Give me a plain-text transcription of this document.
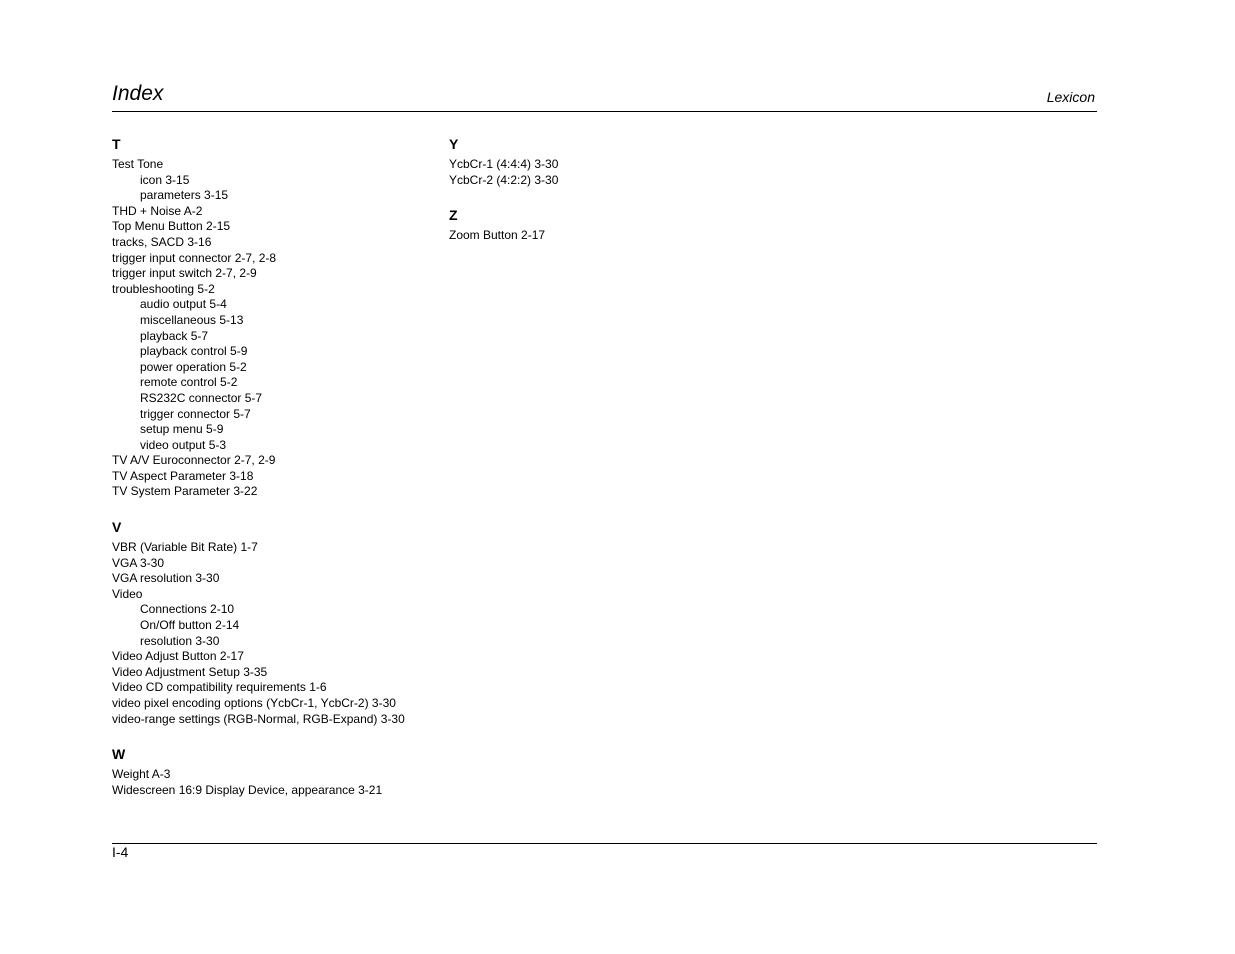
Index	Lexicon
T
Test Tone
icon 3-15
parameters 3-15
THD + Noise A-2
Top Menu Button 2-15
tracks, SACD 3-16
trigger input connector 2-7, 2-8
trigger input switch 2-7, 2-9
troubleshooting 5-2
audio output 5-4
miscellaneous 5-13
playback 5-7
playback control 5-9
power operation 5-2
remote control 5-2
RS232C connector 5-7
trigger connector 5-7
setup menu 5-9
video output 5-3
TV A/V Euroconnector 2-7, 2-9
TV Aspect Parameter 3-18
TV System Parameter 3-22
V
VBR (Variable Bit Rate) 1-7
VGA 3-30
VGA resolution 3-30
Video
Connections 2-10
On/Off button 2-14
resolution 3-30
Video Adjust Button 2-17
Video Adjustment Setup 3-35
Video CD compatibility requirements 1-6
video pixel encoding options (YcbCr-1, YcbCr-2) 3-30
video-range settings (RGB-Normal, RGB-Expand) 3-30
W
Weight A-3
Widescreen 16:9 Display Device, appearance 3-21
Y
YcbCr-1 (4:4:4) 3-30
YcbCr-2 (4:2:2) 3-30
Z
Zoom Button 2-17
I-4
